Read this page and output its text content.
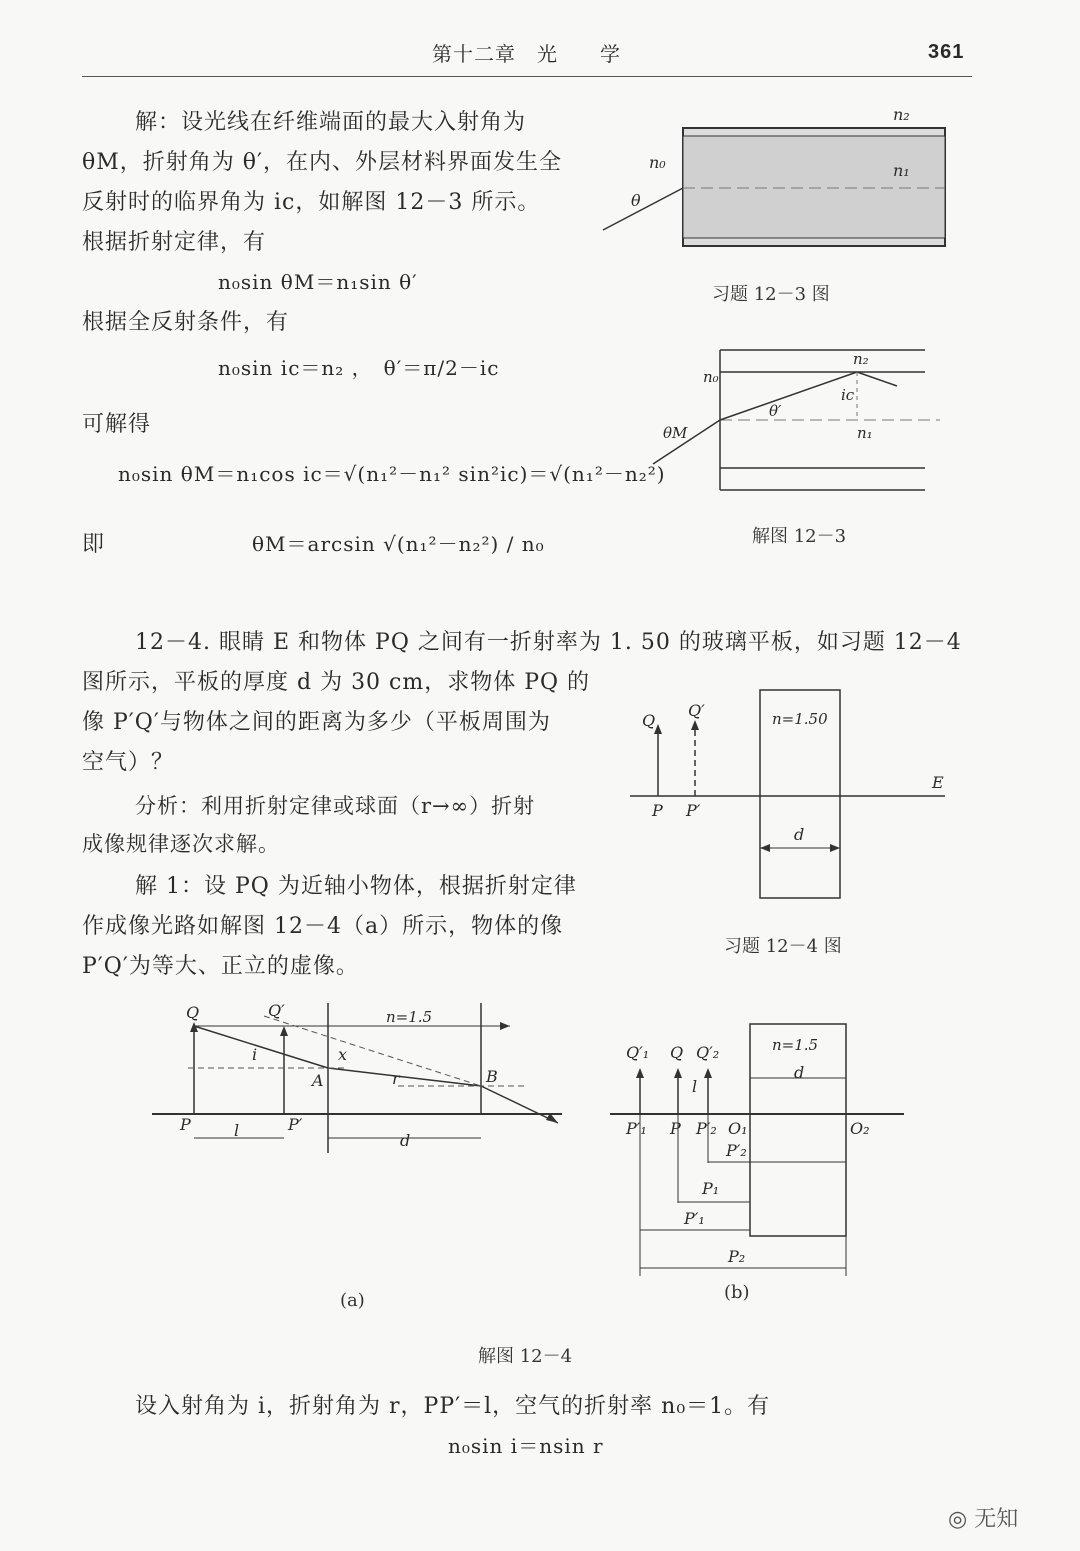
第十二章　光　　学	361
解：设光线在纤维端面的最大入射角为
θM，折射角为 θ′，在内、外层材料界面发生全
反射时的临界角为 ic，如解图 12－3 所示。
根据折射定律，有
n₀sin θM＝n₁sin θ′
根据全反射条件，有
n₀sin ic＝n₂ ，　θ′＝π/2－ic
可解得
n₀sin θM＝n₁cos ic＝√(n₁²－n₁² sin²ic)＝√(n₁²－n₂²)
即	θM＝arcsin √(n₁²－n₂²) / n₀
n₂
n₁
n₀
θ
习题 12－3 图
n₂
n₀
θ′
ic
n₁
θM
解图 12－3
12－4. 眼睛 E 和物体 PQ 之间有一折射率为 1. 50 的玻璃平板，如习题 12－4
图所示，平板的厚度 d 为 30 cm，求物体 PQ 的
像 P′Q′与物体之间的距离为多少（平板周围为
空气）？
分析：利用折射定律或球面（r→∞）折射
成像规律逐次求解。
解 1：设 PQ 为近轴小物体，根据折射定律
作成像光路如解图 12－4（a）所示，物体的像
P′Q′为等大、正立的虚像。
Q
Q′	n=1.50
E
P P′
d
习题 12－4 图
Q	Q′	n=1.5
i	x
A	r	B
P	P′
l
d
(a)
Q′₁ Q Q′₂	n=1.5
d
l
P′₁ P P′₂ O₁	O₂
P′₂
P₁
P′₁
P₂
(b)
解图 12－4
设入射角为 i，折射角为 r，PP′＝l，空气的折射率 n₀＝1。有
n₀sin i＝nsin r
◎ 无知
